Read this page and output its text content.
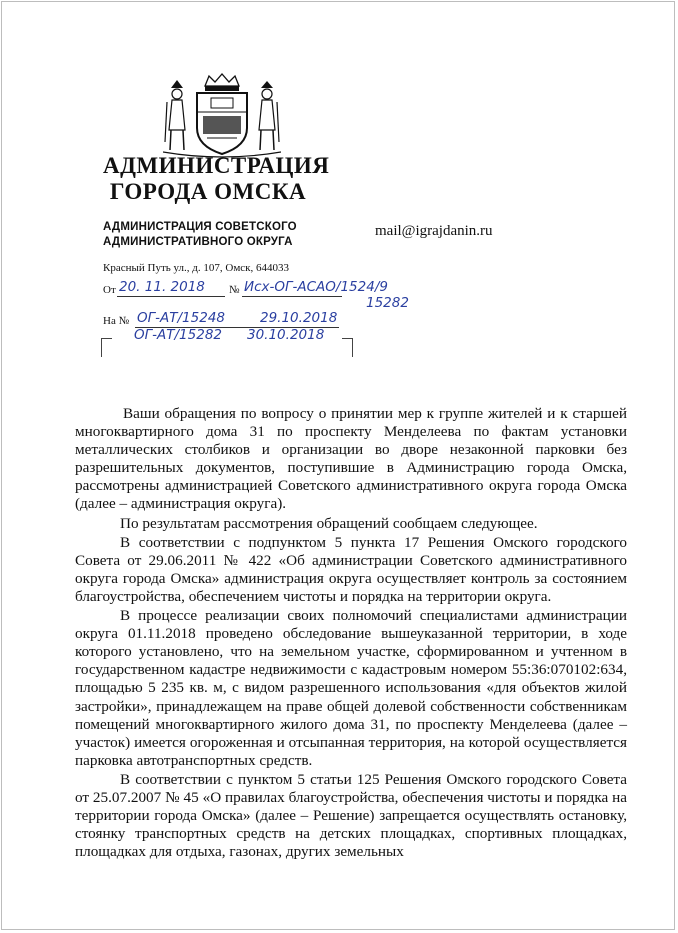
АДМИНИСТРАЦИЯ
ГОРОДА ОМСКА
АДМИНИСТРАЦИЯ СОВЕТСКОГО
АДМИНИСТРАТИВНОГО ОКРУГА
mail@igrajdanin.ru
Красный Путь ул., д. 107, Омск, 644033
От 20. 11. 2018 № Исх-ОГ-АСАО/1524/9
15282
На № ОГ-АТ/15248	29.10.2018
ОГ-АТ/15282 30.10.2018

Ваши обращения по вопросу о принятии мер к группе жителей и к старшей многоквартирного дома 31 по проспекту Менделеева по фактам установки металлических столбиков и организации во дворе незаконной парковки без разрешительных документов, поступившие в Администрацию города Омска, рассмотрены администрацией Советского административного округа города Омска (далее – администрация округа).

По результатам рассмотрения обращений сообщаем следующее.

В соответствии с подпунктом 5 пункта 17 Решения Омского городского Совета от 29.06.2011 № 422 «Об администрации Советского административного округа города Омска» администрация округа осуществляет контроль за состоянием благоустройства, обеспечением чистоты и порядка на территории округа.

В процессе реализации своих полномочий специалистами администрации округа 01.11.2018 проведено обследование вышеуказанной территории, в ходе которого установлено, что на земельном участке, сформированном и учтенном в государственном кадастре недвижимости с кадастровым номером 55:36:070102:634, площадью 5 235 кв. м, с видом разрешенного использования «для объектов жилой застройки», принадлежащем на праве общей долевой собственности собственникам помещений многоквартирного жилого дома 31, по проспекту Менделеева (далее – участок) имеется огороженная и отсыпанная территория, на которой осуществляется парковка автотранспортных средств.

В соответствии с пунктом 5 статьи 125 Решения Омского городского Совета от 25.07.2007 № 45 «О правилах благоустройства, обеспечения чистоты и порядка на территории города Омска» (далее – Решение) запрещается осуществлять остановку, стоянку транспортных средств на детских площадках, спортивных площадках, площадках для отдыха, газонах, других земельных
